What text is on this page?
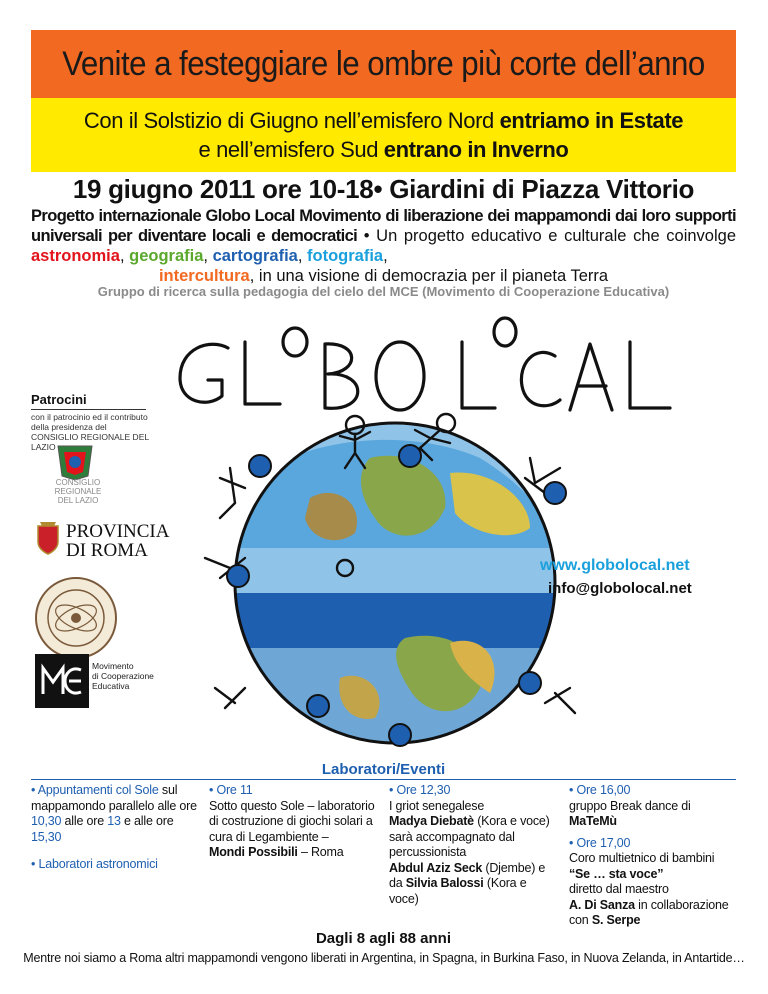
Venite a festeggiare le ombre più corte dell’anno
Con il Solstizio di Giugno nell’emisfero Nord entriamo in Estate
e nell’emisfero Sud entrano in Inverno
19 giugno 2011 ore 10-18• Giardini di Piazza Vittorio
Progetto internazionale Globo Local Movimento di liberazione dei mappamondi dai loro supporti universali per diventare locali e democratici • Un progetto educativo e culturale che coinvolge astronomia, geografia, cartografia, fotografia,
intercultura, in una visione di democrazia per il pianeta Terra
Gruppo di ricerca sulla pedagogia del cielo del MCE (Movimento di Cooperazione Educativa)
Patrocini
con il patrocinio ed il contributo della presidenza del CONSIGLIO REGIONALE DEL LAZIO
CONSIGLIO REGIONALE DEL LAZIO
PROVINCIA DI ROMA
Movimento
di Cooperazione
Educativa
www.globolocal.net
info@globolocal.net
Laboratori/Eventi

• Appuntamenti col Sole sul mappamondo parallelo alle ore 10,30 alle ore 13 e alle ore 15,30

• Laboratori astronomici

• Ore 11

Sotto questo Sole – laboratorio di costruzione di giochi solari a cura di Legambiente –
Mondi Possibili – Roma

• Ore 12,30

I griot senegalese
Madya Diebatè (Kora e voce) sarà accompagnato dal percussionista
Abdul Aziz Seck (Djembe) e da Silvia Balossi (Kora e voce)

• Ore 16,00

gruppo Break dance di MaTeMù

• Ore 17,00

Coro multietnico di bambini

“Se … sta voce”

diretto dal maestro
A. Di Sanza in collaborazione con S. Serpe

Dagli 8 agli 88 anni
Mentre noi siamo a Roma altri mappamondi vengono liberati in Argentina, in Spagna, in Burkina Faso, in Nuova Zelanda, in Antartide…
